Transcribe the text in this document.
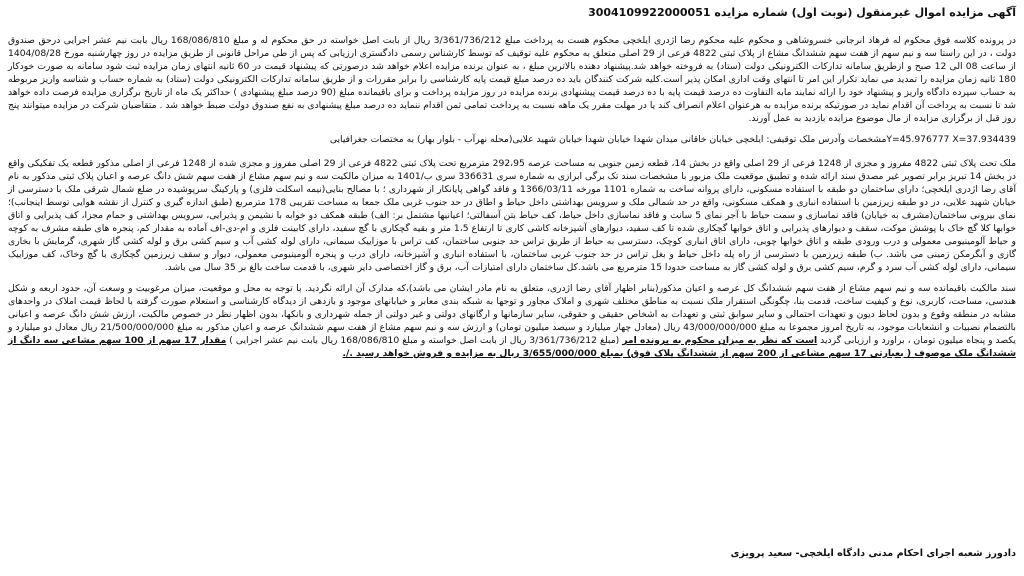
آگهی مزایده اموال غیرمنقول (نوبت اول) شماره مزایده 3004109922000051

در پرونده کلاسه فوق محکوم له فرهاد انرجانی خسروشاهی و محکوم علیه محکوم رضا اژدری ایلخچی محکوم هست به پرداخت مبلغ 3/361/736/212 ریال از بابت اصل خواسته در حق محکوم له و مبلغ 168/086/810 ریال بابت نیم عشر اجرایی درحق صندوق دولت ، در این راستا سه و نیم سهم از هفت سهم ششدانگ مشاع از پلاک ثبتی 4822 فرعی از 29 اصلی متعلق به محکوم علیه توقیف که توسط کارشناس رسمی دادگستری ارزیابی که پس از طی مراحل قانونی از طریق مزایده در روز چهارشنبه مورخ 1404/08/28 از ساعت 08 الی 12 صبح و ازطریق سامانه تدارکات الکترونیکی دولت (ستاد) به فروخته خواهد شد.پیشنهاد دهنده بالاترین مبلغ ، به عنوان برنده مزایده اعلام خواهد شد درصورتی که پیشنهاد قیمت در 60 ثانیه انتهای زمان مزایده ثبت شود سامانه به صورت خودکار 180 ثانیه زمان مزایده را تمدید می نماید تکرار این امر تا انتهای وقت اداری امکان پذیر است.کلیه شرکت کنندگان باید ده درصد مبلغ قیمت پایه کارشناسی را برابر مقررات و از طریق سامانه تدارکات الکترونیکی دولت (ستاد) به شماره حساب و شناسه واریز مربوطه به حساب سپرده دادگاه واریز و پیشنهاد خود را ارائه نمایند مابه التفاوت ده درصد قیمت پایه با ده درصد قیمت پیشنهادی برنده مزایده در روز مزایده پرداخت و برای باقیمانده مبلغ (90 درصد مبلغ پیشنهادی ) حداکثر یک ماه از تاریخ برگزاری مزایده فرصت داده خواهد شد تا نسبت به پرداخت آن اقدام نماید در صورتیکه برنده مزایده به هرعنوان اعلام انصراف کند یا در مهلت مقرر یک ماهه نسبت به پرداخت تمامی ثمن اقدام ننماید ده درصد مبلغ پیشنهادی به نفع صندوق دولت ضبط خواهد شد . متقاضیان شرکت در مزایده میتوانند پنج روز قبل از برگزاری مزایده از مال موضوع مزایده بازدید به عمل آورند.

Y=45.976777 X=37.934439مشخصات وآدرس ملک توقیفی: ایلخچی خیابان خاقانی میدان شهدا خیابان شهدا خیابان شهید علایی(محله نهرآب - بلوار بهار) به مختصات جغرافیایی

ملک تحت پلاک ثبتی 4822 مفروز و مجزی از 1248 فرعی از 29 اصلی واقع در بخش 14، قطعه زمین جنوبی به مساحت عرصه 292،95 مترمربع تحت پلاک ثبتی 4822 فرعی از 29 اصلی مفروز و مجزی شده از 1248 فرعی از اصلی مذکور قطعه یک تفکیکی واقع در بخش 14 تبریز برابر تصویر غیر مصدق سند ارائه شده و تطبیق موقعیت ملک مزبور با مشخصات سند تک برگی ابرازی به شماره سری 336631 سری ب/1401 به میزان مالکیت سه و نیم سهم مشاع از هفت سهم شش دانگ عرصه و اعیان پلاک ثبتی مذکور به نام آقای رضا اژدری ایلخچی؛ دارای ساختمان دو طبقه با استفاده مسکونی، دارای پروانه ساخت به شماره 1101 مورخه 1366/03/11 و فاقد گواهی پایانکار از شهرداری ؛ با مصالح بنایی(نیمه اسکلت فلزی) و پارکینگ سرپوشیده در ضلع شمال شرقی ملک با دسترسی از خیابان شهید علایی، در دو طبقه زیرزمین با استفاده انباری و همکف مسکونی، واقع در حد شمالی ملک و سرویس بهداشتی داخل حیاط و اطاق در حد جنوب غربی ملک جمعا به مساحت تقریبی 178 مترمربع (طبق اندازه گیری و کنترل از نقشه هوایی توسط اینجانب)؛ نمای بیرونی ساختمان(مشرف به خیابان) فاقد نماسازی و سمت حیاط با آجر نمای 5 سانت و فاقد نماسازی داخل حیاط، کف حیاط بتن آسفالتی؛ اعیانیها مشتمل بر: الف) طبقه همکف دو خوابه با نشیمن و پذیرایی، سرویس بهداشتی و حمام مجزا، کف پذیرایی و اتاق خوابها کلا گچ خاک با پوشش موکت، سقف و دیوارهای پذیرایی و اتاق خوابها گچکاری شده تا کف سفید، دیوارهای آشپزخانه کاشی کاری تا ارتفاع 1،5 متر و بقیه گچکاری با گچ سفید، دارای کابینت فلزی و ام-دی-اف آماده به مقدار کم، پنجره های طبقه مشرف به کوچه و حیاط آلومینیومی معمولی و درب ورودی طبقه و اتاق خوابها چوبی، دارای اتاق انباری کوچک، دسترسی به حیاط از طریق تراس حد جنوبی ساختمان، کف تراس با موزاییک سیمانی، دارای لوله کشی آب و سیم کشی برق و لوله کشی گاز شهری، گرمایش با بخاری گازی و آبگرمکن زمینی می باشد. ب) طبقه زیرزمین با دسترسی از راه پله داخل حیاط و بغل تراس در حد جنوب غربی ساختمان، با استفاده انباری و آشپزخانه، دارای درب و پنجره آلومینیومی معمولی، دیوار و سقف زیرزمین گچکاری با گچ وخاک، کف موزاییک سیمانی، دارای لوله کشی آب سرد و گرم، سیم کشی برق و لوله کشی گاز به مساحت حدودا 15 مترمربع می باشد.کل ساختمان دارای امتیازات آب، برق و گاز اختصاصی دایر شهری، با قدمت ساخت بالغ بر 35 سال می باشد.

سند مالکیت باقیمانده سه و نیم سهم مشاع از هفت سهم ششدانگ کل عرصه و اعیان مذکور(بنابر اظهار آقای رضا اژدری، متعلق به نام مادر ایشان می باشد)،که مدارک آن ارائه نگردید. با توجه به محل و موقعیت، میزان مرغوبیت و وسعت آن، حدود اربعه و شکل هندسی، مساحت، کاربری، نوع و کیفیت ساخت، قدمت بنا، چگونگی استقرار ملک نسبت به مناطق مختلف شهری و املاک مجاور و توجها به شبکه بندی معابر و خیابانهای موجود و بازدهی از دیدگاه کارشناسی و استعلام صورت گرفته با لحاظ قیمت املاک در واحدهای مشابه در منطقه وقوع و بدون لحاظ دیون و تعهدات احتمالی و سایر سوابق ثبتی و تعهدات به اشخاص حقیقی و حقوقی، سایر سازمانها و ارگانهای دولتی و غیر دولتی از جمله شهرداری و بانکها، بدون اظهار نظر در خصوص مالکیت، ارزش شش دانگ عرصه و اعیانی بالتضمام نصبیات و انشعابات موجود، به تاریخ امروز مجموعا به مبلغ 43/000/000/000 ریال (معادل چهار میلیارد و سیصد میلیون تومان) و ارزش سه و نیم سهم مشاع از هفت سهم ششدانگ عرصه و اعیان مذکور به مبلغ 21/500/000/000 ریال معادل دو میلیارد و یکصد و پنجاه میلیون تومان ، براورد و ارزیابی گردید است که نظر به میزان محکوم به پرونده امر (مبلغ 3/361/736/212 ریال از بابت اصل خواسته و مبلغ 168/086/810 ریال بابت نیم عشر اجرایی ) مقدار 17 سهم از 100 سهم مشاعی سه دانگ از ششدانگ ملک موصوف ( بعبارتی 17 سهم مشاعی از 200 سهم از ششدانگ پلاک فوق) بمبلغ 3/655/000/000 ریال به مزایده و فروش خواهد رسید ./.

دادورز شعبه اجرای احکام مدنی دادگاه ایلخچی- سعید پرویزی
